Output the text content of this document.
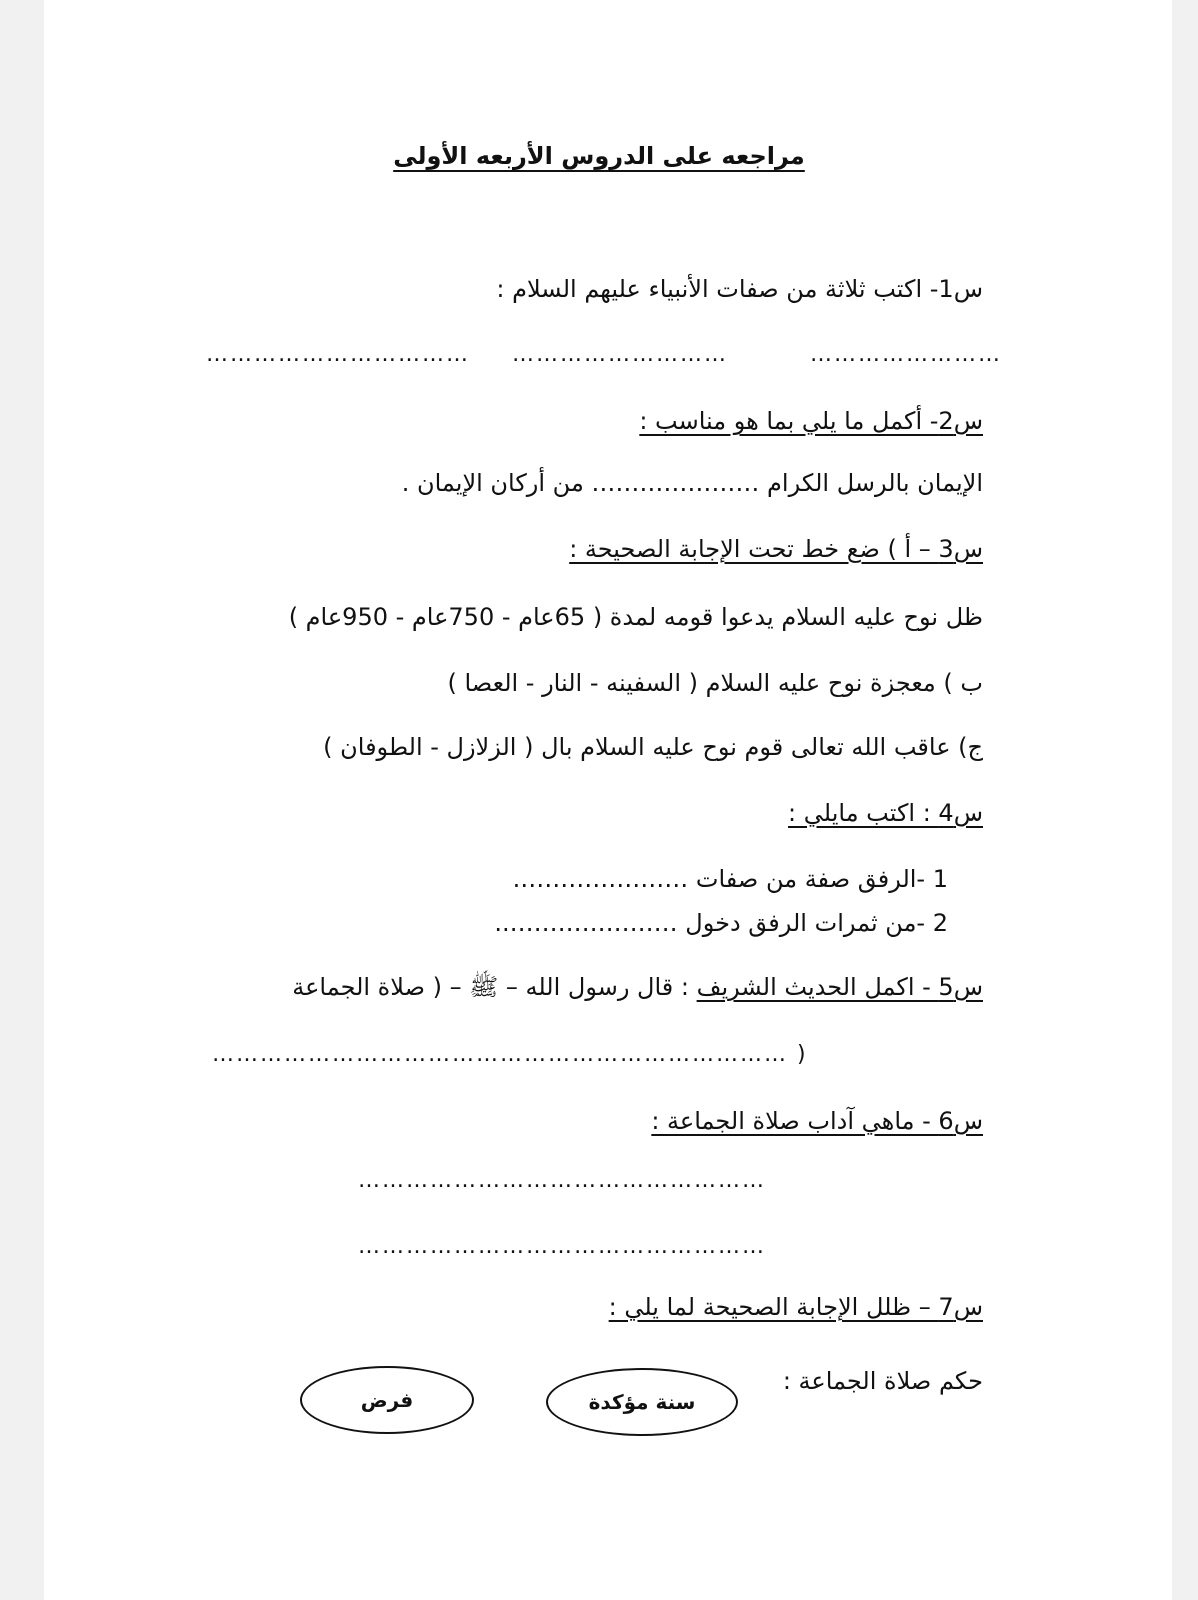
مراجعه على الدروس الأربعه الأولى
س1- اكتب ثلاثة من صفات الأنبياء عليهم السلام :
……………………
………………………
……………………………
س2- أكمل ما يلي بما هو مناسب :
الإيمان بالرسل الكرام ………………… من أركان الإيمان .
س3 – أ ) ضع خط تحت الإجابة الصحيحة :
ظل نوح عليه السلام يدعوا قومه لمدة ( 65عام - 750عام - 950عام )
ب ) معجزة نوح عليه السلام ( السفينه - النار - العصا )
ج) عاقب الله تعالى قوم نوح عليه السلام بال ( الزلازل - الطوفان )
س4 : اكتب مايلي :
1 -الرفق صفة من صفات ………………….
2 -من ثمرات الرفق دخول …………………..
س5 - اكمل الحديث الشريف : قال رسول الله – ﷺ – ( صلاة الجماعة
……………………………………………………………… )
س6 - ماهي آداب صلاة الجماعة :
……………………………………………
……………………………………………
س7 – ظلل الإجابة الصحيحة لما يلي :
حكم صلاة الجماعة :
سنة مؤكدة
فرض
